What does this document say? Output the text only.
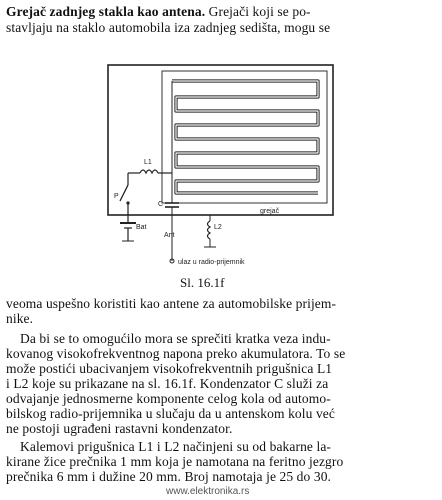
Grejač zadnjeg stakla kao antena. Grejači koji se po-
stavljaju na staklo automobila iza zadnjeg sedišta, mogu se
L1
P
Bat
C
Ant
L2
grejač
ulaz u radio-prijemnik
Sl. 16.1f
veoma uspešno koristiti kao antene za automobilske prijem-
nike.
Da bi se to omogućilo mora se sprečiti kratka veza indu-
kovanog visokofrekventnog napona preko akumulatora. To se
može postići ubacivanjem visokofrekventnih prigušnica L1
i L2 koje su prikazane na sl. 16.1f. Kondenzator C služi za
odvajanje jednosmerne komponente celog kola od automo-
bilskog radio-prijemnika u slučaju da u antenskom kolu već
ne postoji ugrađeni rastavni kondenzator.
Kalemovi prigušnica L1 i L2 načinjeni su od bakarne la-
kirane žice prečnika 1 mm koja je namotana na feritno jezgro
prečnika 6 mm i dužine 20 mm. Broj namotaja je 25 do 30.
www.elektronika.rs
